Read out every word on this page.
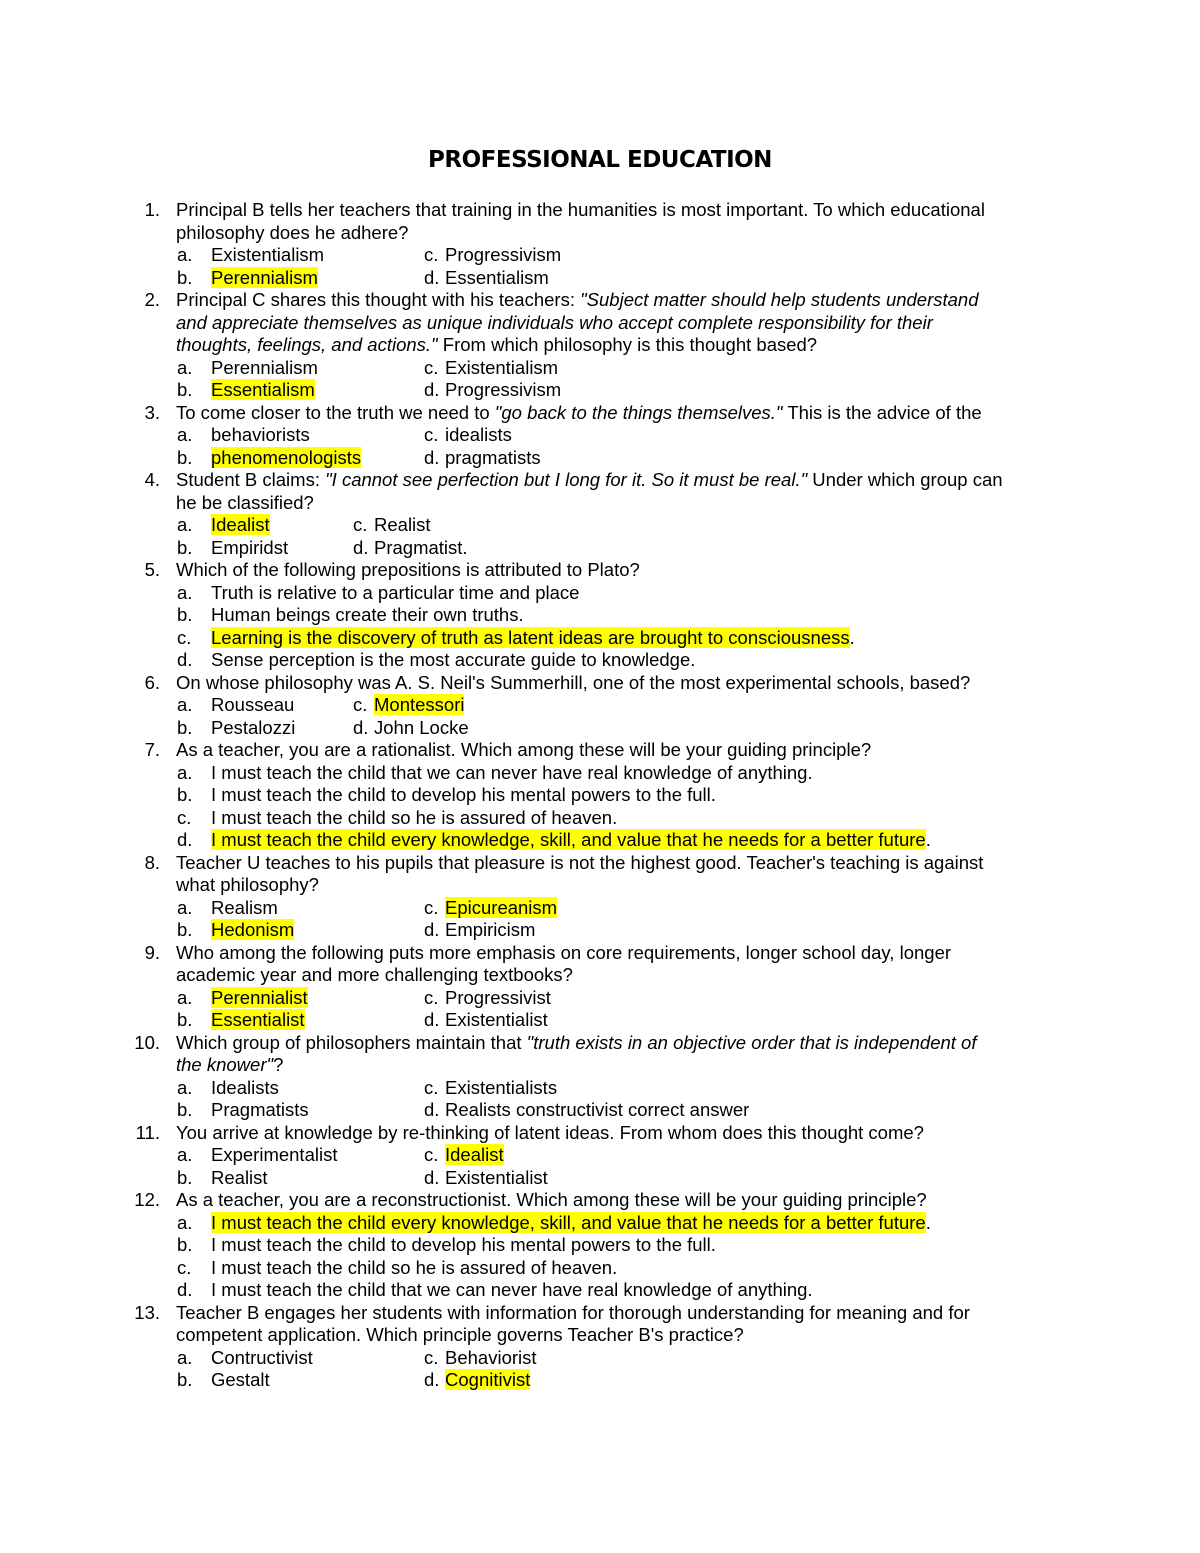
PROFESSIONAL EDUCATION
1. Principal B tells her teachers that training in the humanities is most important. To which educational
philosophy does he adhere?
a. Existentialism	c. Progressivism
b. Perennialism	d. Essentialism
2. Principal C shares this thought with his teachers: "Subject matter should help students understand
and appreciate themselves as unique individuals who accept complete responsibility for their
thoughts, feelings, and actions." From which philosophy is this thought based?
a. Perennialism	c. Existentialism
b. Essentialism	d. Progressivism
3. To come closer to the truth we need to "go back to the things themselves." This is the advice of the
a. behaviorists	c. idealists
b. phenomenologists	d. pragmatists
4. Student B claims: "I cannot see perfection but I long for it. So it must be real." Under which group can
he be classified?
a. Idealist	c. Realist
b. Empiridst	d. Pragmatist.
5. Which of the following prepositions is attributed to Plato?
a. Truth is relative to a particular time and place
b. Human beings create their own truths.
c. Learning is the discovery of truth as latent ideas are brought to consciousness.
d. Sense perception is the most accurate guide to knowledge.
6. On whose philosophy was A. S. Neil's Summerhill, one of the most experimental schools, based?
a. Rousseau	c. Montessori
b. Pestalozzi	d. John Locke
7. As a teacher, you are a rationalist. Which among these will be your guiding principle?
a. I must teach the child that we can never have real knowledge of anything.
b. I must teach the child to develop his mental powers to the full.
c. I must teach the child so he is assured of heaven.
d. I must teach the child every knowledge, skill, and value that he needs for a better future.
8. Teacher U teaches to his pupils that pleasure is not the highest good. Teacher's teaching is against
what philosophy?
a. Realism	c. Epicureanism
b. Hedonism	d. Empiricism
9. Who among the following puts more emphasis on core requirements, longer school day, longer
academic year and more challenging textbooks?
a. Perennialist	c. Progressivist
b. Essentialist	d. Existentialist
10. Which group of philosophers maintain that "truth exists in an objective order that is independent of
the knower"?
a. Idealists	c. Existentialists
b. Pragmatists	d. Realists constructivist correct answer
11. You arrive at knowledge by re-thinking of latent ideas. From whom does this thought come?
a. Experimentalist	c. Idealist
b. Realist	d. Existentialist
12. As a teacher, you are a reconstructionist. Which among these will be your guiding principle?
a. I must teach the child every knowledge, skill, and value that he needs for a better future.
b. I must teach the child to develop his mental powers to the full.
c. I must teach the child so he is assured of heaven.
d. I must teach the child that we can never have real knowledge of anything.
13. Teacher B engages her students with information for thorough understanding for meaning and for
competent application. Which principle governs Teacher B's practice?
a. Contructivist	c. Behaviorist
b. Gestalt	d. Cognitivist
